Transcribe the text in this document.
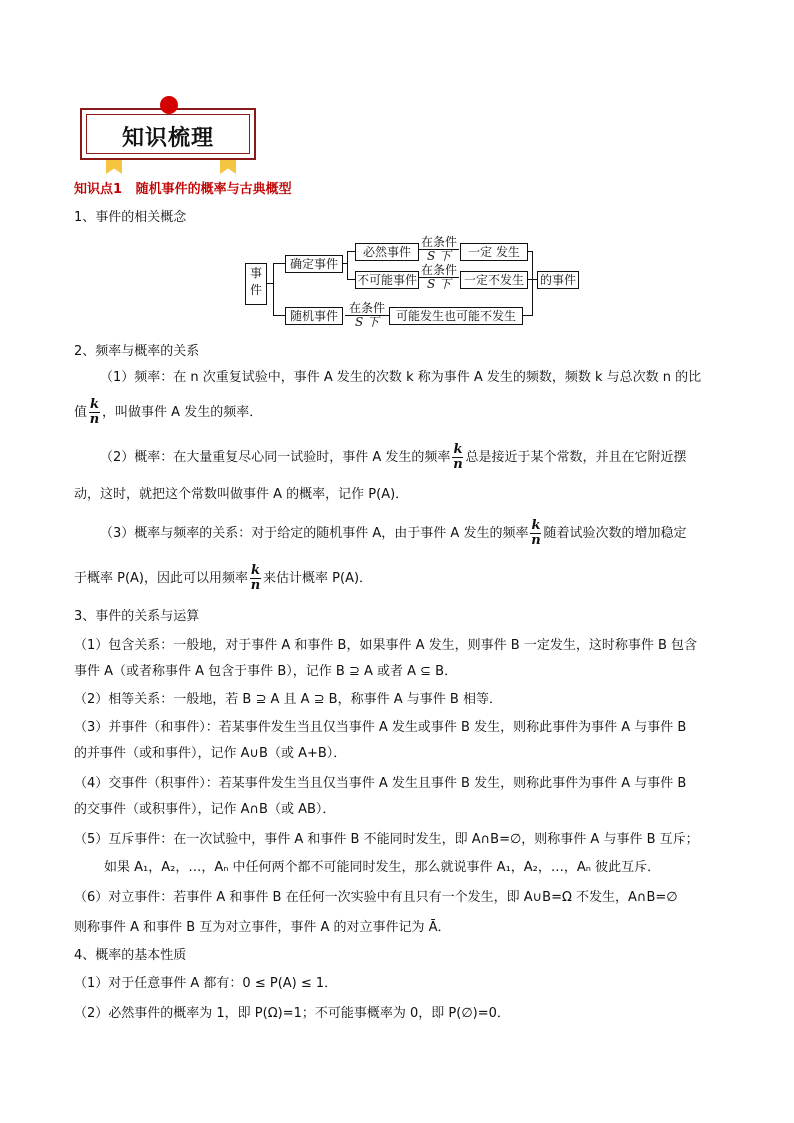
知识梳理
知识点1 随机事件的概率与古典概型
1、事件的相关概念
事件
确定事件
随机事件
必然事件
不可能事件
在条件
S 下
在条件
S 下
在条件
S 下
一定 发生
一定不发生
可能发生也可能不发生
的事件
2、频率与概率的关系
（1）频率：在 n 次重复试验中，事件 A 发生的次数 k 称为事件 A 发生的频数，频数 k 与总次数 n 的比
值 $\frac{k}{n}$ ，叫做事件 A 发生的频率．
（2）概率：在大量重复尽心同一试验时，事件 A 发生的频率 $\frac{k}{n}$ 总是接近于某个常数，并且在它附近摆
动，这时，就把这个常数叫做事件 A 的概率，记作 P(A)．
（3）概率与频率的关系：对于给定的随机事件 A，由于事件 A 发生的频率 $\frac{k}{n}$ 随着试验次数的增加稳定
于概率 P(A)，因此可以用频率 $\frac{k}{n}$ 来估计概率 P(A)．
3、事件的关系与运算
（1）包含关系：一般地，对于事件 A 和事件 B，如果事件 A 发生，则事件 B 一定发生，这时称事件 B 包含
事件 A（或者称事件 A 包含于事件 B），记作 B ⊇ A 或者 A ⊆ B．
（2）相等关系：一般地，若 B ⊇ A 且 A ⊇ B，称事件 A 与事件 B 相等．
（3）并事件（和事件）：若某事件发生当且仅当事件 A 发生或事件 B 发生，则称此事件为事件 A 与事件 B
的并事件（或和事件），记作 A∪B（或 A+B）．
（4）交事件（积事件）：若某事件发生当且仅当事件 A 发生且事件 B 发生，则称此事件为事件 A 与事件 B
的交事件（或积事件），记作 A∩B（或 AB）．
（5）互斥事件：在一次试验中，事件 A 和事件 B 不能同时发生，即 A∩B=∅，则称事件 A 与事件 B 互斥；
如果 A₁，A₂，…，Aₙ 中任何两个都不可能同时发生，那么就说事件 A₁，A₂，…，Aₙ 彼此互斥．
（6）对立事件：若事件 A 和事件 B 在任何一次实验中有且只有一个发生，即 A∪B=Ω 不发生，A∩B=∅
则称事件 A 和事件 B 互为对立事件，事件 A 的对立事件记为 Ā．
4、概率的基本性质
（1）对于任意事件 A 都有：0 ≤ P(A) ≤ 1．
（2）必然事件的概率为 1，即 P(Ω)=1；不可能事概率为 0，即 P(∅)=0．
